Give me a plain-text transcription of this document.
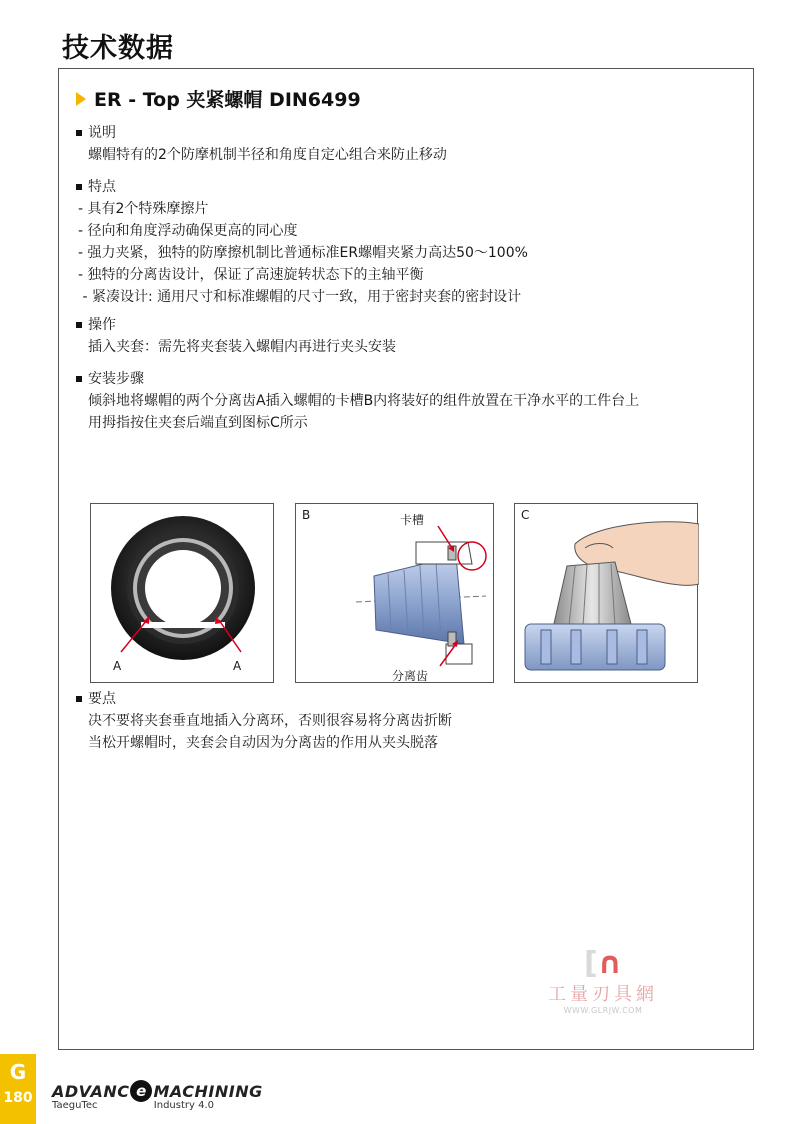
技术数据
ER - Top 夹紧螺帽 DIN6499
说明
螺帽特有的2个防摩机制半径和角度自定心组合来防止移动
特点
- 具有2个特殊摩擦片
- 径向和角度浮动确保更高的同心度
- 强力夹紧，独特的防摩擦机制比普通标准ER螺帽夹紧力高达50～100%
- 独特的分离齿设计，保证了高速旋转状态下的主轴平衡
- 紧凑设计: 通用尺寸和标准螺帽的尺寸一致，用于密封夹套的密封设计
操作
插入夹套：需先将夹套装入螺帽内再进行夹头安装
安装步骤
倾斜地将螺帽的两个分离齿A插入螺帽的卡槽B内将装好的组件放置在干净水平的工件台上
用拇指按住夹套后端直到图标C所示
A	A
B	卡槽
分离齿
C
要点
决不要将夹套垂直地插入分离环，否则很容易将分离齿折断
当松开螺帽时，夹套会自动因为分离齿的作用从夹头脱落
[∩
工量刃具網
WWW.GLRJW.COM
G
180 ADVANC e MACHINING
TaeguTec	Industry 4.0
